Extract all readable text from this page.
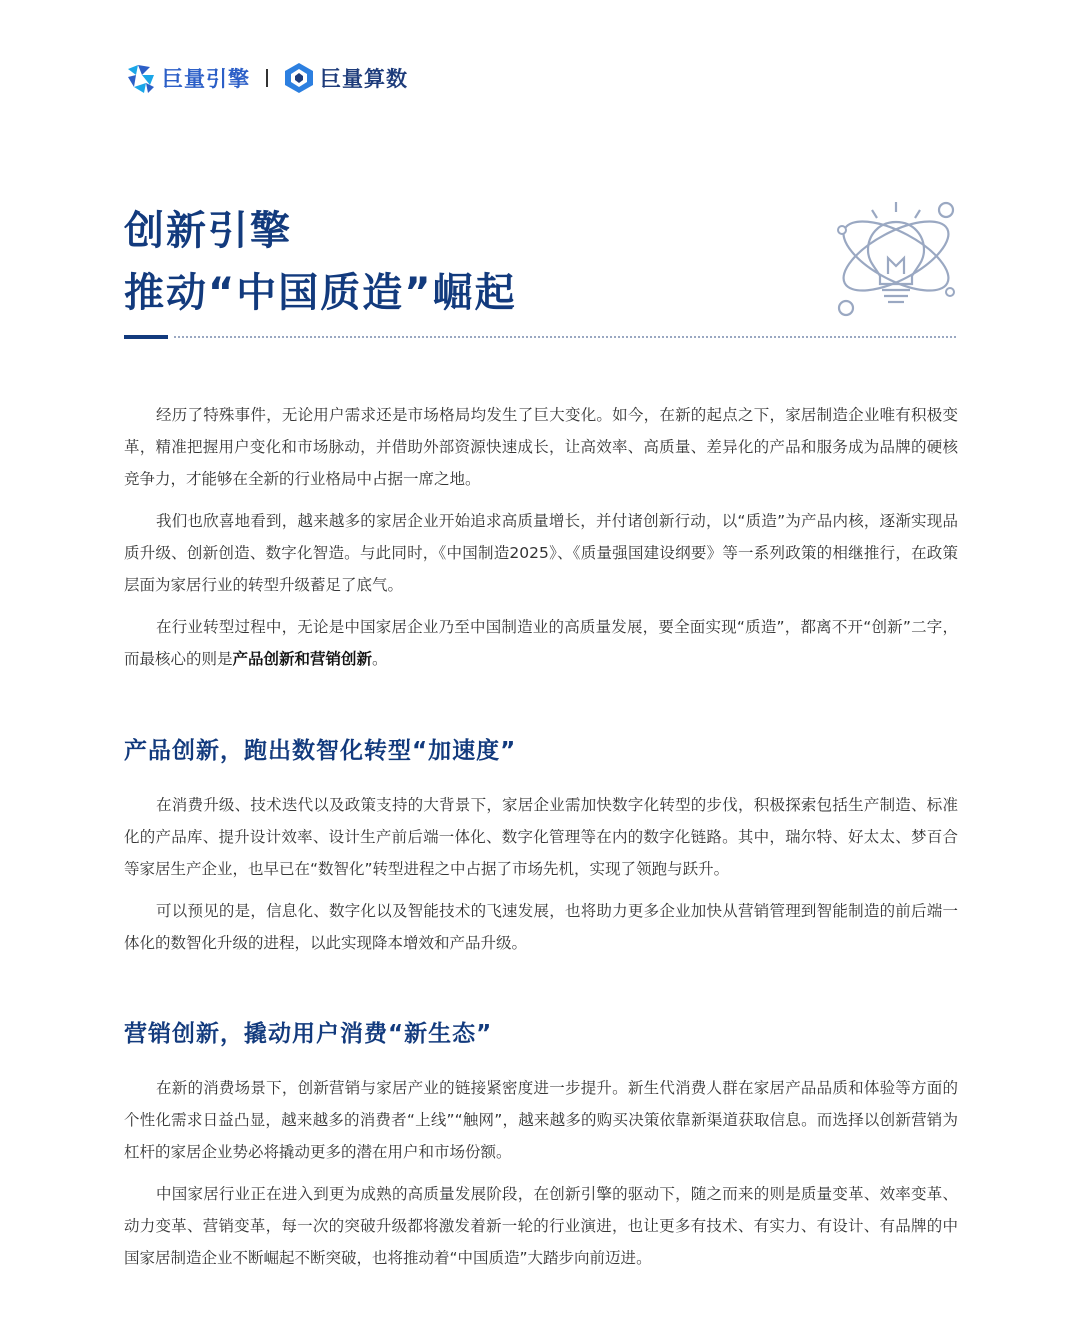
巨量引擎	巨量算数
创新引擎
推动“中国质造”崛起

经历了特殊事件，无论用户需求还是市场格局均发生了巨大变化。如今，在新的起点之下，家居制造企业唯有积极变革，精准把握用户变化和市场脉动，并借助外部资源快速成长，让高效率、高质量、差异化的产品和服务成为品牌的硬核竞争力，才能够在全新的行业格局中占据一席之地。

我们也欣喜地看到，越来越多的家居企业开始追求高质量增长，并付诸创新行动，以“质造”为产品内核，逐渐实现品质升级、创新创造、数字化智造。与此同时，《中国制造2025》、《质量强国建设纲要》等一系列政策的相继推行，在政策层面为家居行业的转型升级蓄足了底气。

在行业转型过程中，无论是中国家居企业乃至中国制造业的高质量发展，要全面实现“质造”，都离不开“创新”二字，而最核心的则是产品创新和营销创新。

产品创新，跑出数智化转型“加速度”

在消费升级、技术迭代以及政策支持的大背景下，家居企业需加快数字化转型的步伐，积极探索包括生产制造、标准化的产品库、提升设计效率、设计生产前后端一体化、数字化管理等在内的数字化链路。其中，瑞尔特、好太太、梦百合等家居生产企业，也早已在“数智化”转型进程之中占据了市场先机，实现了领跑与跃升。

可以预见的是，信息化、数字化以及智能技术的飞速发展，也将助力更多企业加快从营销管理到智能制造的前后端一体化的数智化升级的进程，以此实现降本增效和产品升级。

营销创新，撬动用户消费“新生态”

在新的消费场景下，创新营销与家居产业的链接紧密度进一步提升。新生代消费人群在家居产品品质和体验等方面的个性化需求日益凸显，越来越多的消费者“上线”“触网”，越来越多的购买决策依靠新渠道获取信息。而选择以创新营销为杠杆的家居企业势必将撬动更多的潜在用户和市场份额。

中国家居行业正在进入到更为成熟的高质量发展阶段，在创新引擎的驱动下，随之而来的则是质量变革、效率变革、动力变革、营销变革，每一次的突破升级都将激发着新一轮的行业演进，也让更多有技术、有实力、有设计、有品牌的中国家居制造企业不断崛起不断突破，也将推动着“中国质造”大踏步向前迈进。
